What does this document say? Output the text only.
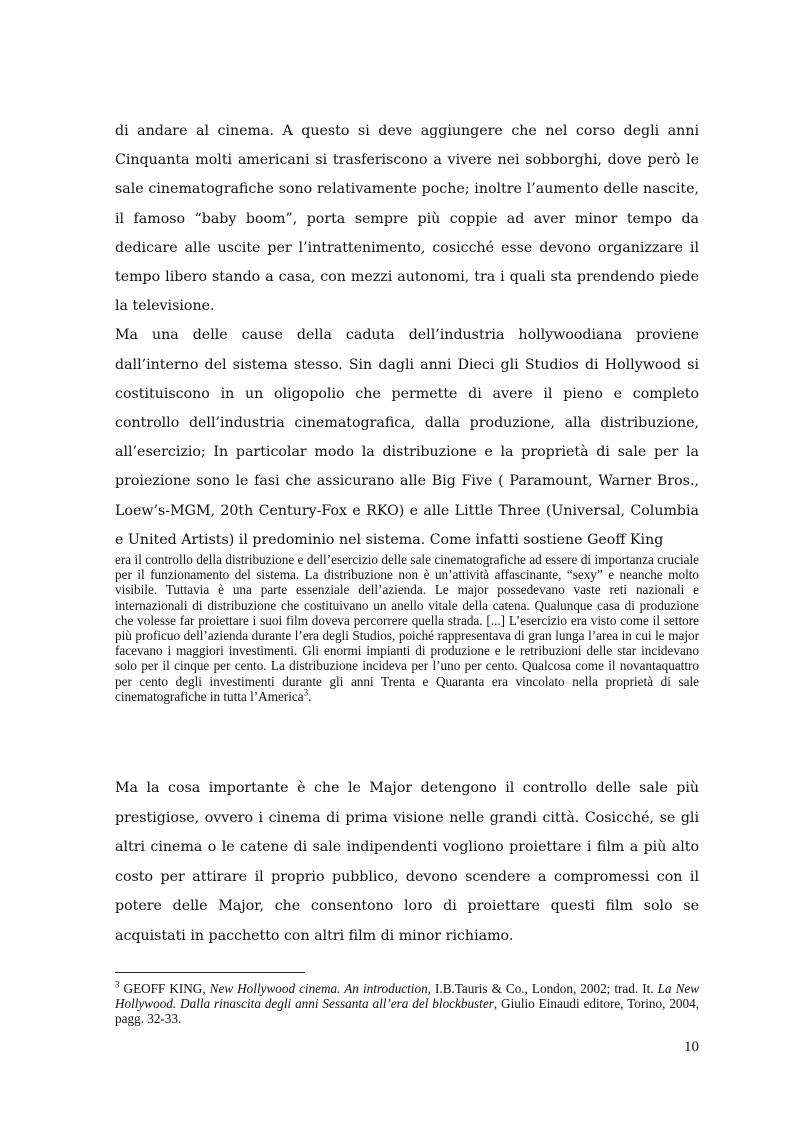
di andare al cinema. A questo si deve aggiungere che nel corso degli anni Cinquanta molti americani si trasferiscono a vivere nei sobborghi, dove però le sale cinematografiche sono relativamente poche; inoltre l’aumento delle nascite, il famoso “baby boom”, porta sempre più coppie ad aver minor tempo da dedicare alle uscite per l’intrattenimento, cosicché esse devono organizzare il tempo libero stando a casa, con mezzi autonomi, tra i quali sta prendendo piede la televisione.

Ma una delle cause della caduta dell’industria hollywoodiana proviene dall’interno del sistema stesso. Sin dagli anni Dieci gli Studios di Hollywood si costituiscono in un oligopolio che permette di avere il pieno e completo controllo dell’industria cinematografica, dalla produzione, alla distribuzione, all’esercizio; In particolar modo la distribuzione e la proprietà di sale per la proiezione sono le fasi che assicurano alle Big Five ( Paramount, Warner Bros., Loew’s-MGM, 20th Century-Fox e RKO) e alle Little Three (Universal, Columbia e United Artists) il predominio nel sistema. Come infatti sostiene Geoff King

era il controllo della distribuzione e dell’esercizio delle sale cinematografiche ad essere di importanza cruciale per il funzionamento del sistema. La distribuzione non è un’attività affascinante, “sexy” e neanche molto visibile. Tuttavia è una parte essenziale dell’azienda. Le major possedevano vaste reti nazionali e internazionali di distribuzione che costituivano un anello vitale della catena. Qualunque casa di produzione che volesse far proiettare i suoi film doveva percorrere quella strada. [...] L’esercizio era visto come il settore più proficuo dell’azienda durante l’era degli Studios, poiché rappresentava di gran lunga l’area in cui le major facevano i maggiori investimenti. Gli enormi impianti di produzione e le retribuzioni delle star incidevano solo per il cinque per cento. La distribuzione incideva per l’uno per cento. Qualcosa come il novantaquattro per cento degli investimenti durante gli anni Trenta e Quaranta era vincolato nella proprietà di sale cinematografiche in tutta l’America$^3$.

Ma la cosa importante è che le Major detengono il controllo delle sale più prestigiose, ovvero i cinema di prima visione nelle grandi città. Cosicché, se gli altri cinema o le catene di sale indipendenti vogliono proiettare i film a più alto costo per attirare il proprio pubblico, devono scendere a compromessi con il potere delle Major, che consentono loro di proiettare questi film solo se acquistati in pacchetto con altri film di minor richiamo.

$^3$ GEOFF KING, New Hollywood cinema. An introduction, I.B.Tauris & Co., London, 2002; trad. It. La New Hollywood. Dalla rinascita degli anni Sessanta all’era del blockbuster, Giulio Einaudi editore, Torino, 2004, pagg. 32-33.

10
